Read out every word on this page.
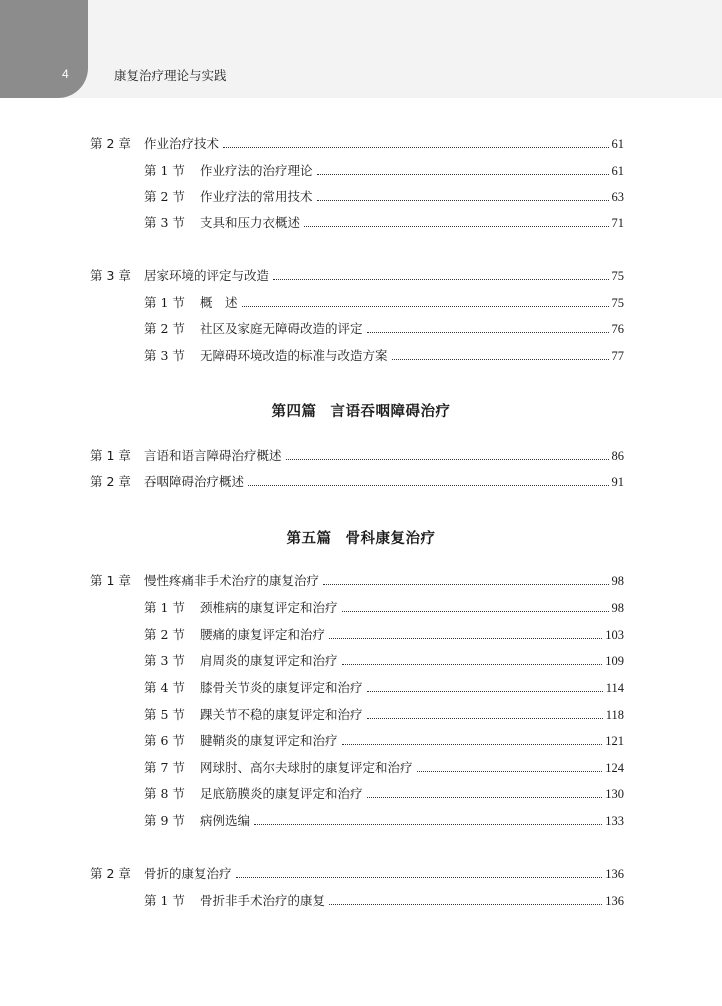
4	康复治疗理论与实践
第 2 章	作业治疗技术	61
第 1 节	作业疗法的治疗理论	61
第 2 节	作业疗法的常用技术	63
第 3 节	支具和压力衣概述	71
第 3 章	居家环境的评定与改造	75
第 1 节	概　述	75
第 2 节	社区及家庭无障碍改造的评定	76
第 3 节	无障碍环境改造的标准与改造方案	77
第四篇 言语吞咽障碍治疗
第 1 章	言语和语言障碍治疗概述	86
第 2 章	吞咽障碍治疗概述	91
第五篇 骨科康复治疗
第 1 章	慢性疼痛非手术治疗的康复治疗	98
第 1 节	颈椎病的康复评定和治疗	98
第 2 节	腰痛的康复评定和治疗	103
第 3 节	肩周炎的康复评定和治疗	109
第 4 节	膝骨关节炎的康复评定和治疗	114
第 5 节	踝关节不稳的康复评定和治疗	118
第 6 节	腱鞘炎的康复评定和治疗	121
第 7 节	网球肘、高尔夫球肘的康复评定和治疗	124
第 8 节	足底筋膜炎的康复评定和治疗	130
第 9 节	病例选编	133
第 2 章	骨折的康复治疗	136
第 1 节	骨折非手术治疗的康复	136
